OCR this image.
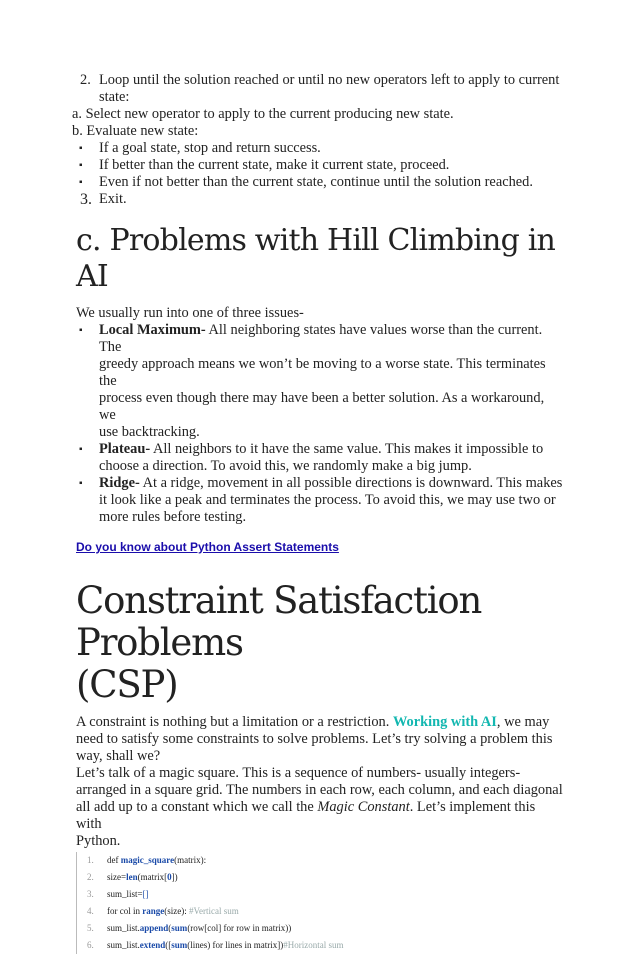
2. Loop until the solution reached or until no new operators left to apply to current
state:
a. Select new operator to apply to the current producing new state.
b. Evaluate new state:
▪ If a goal state, stop and return success.
▪ If better than the current state, make it current state, proceed.
▪ Even if not better than the current state, continue until the solution reached.
3. Exit.
c. Problems with Hill Climbing in AI
We usually run into one of three issues-
▪ Local Maximum- All neighboring states have values worse than the current. The
greedy approach means we won’t be moving to a worse state. This terminates the
process even though there may have been a better solution. As a workaround, we
use backtracking.
▪ Plateau- All neighbors to it have the same value. This makes it impossible to
choose a direction. To avoid this, we randomly make a big jump.
▪ Ridge- At a ridge, movement in all possible directions is downward. This makes
it look like a peak and terminates the process. To avoid this, we may use two or
more rules before testing.
Do you know about Python Assert Statements
Constraint Satisfaction Problems
(CSP)
A constraint is nothing but a limitation or a restriction. Working with AI, we may
need to satisfy some constraints to solve problems. Let’s try solving a problem this
way, shall we?
Let’s talk of a magic square. This is a sequence of numbers- usually integers-
arranged in a square grid. The numbers in each row, each column, and each diagonal
all add up to a constant which we call the Magic Constant. Let’s implement this with
Python.
1. def magic_square(matrix):
2. size=len(matrix[0])
3. sum_list=[]
4. for col in range(size): #Vertical sum
5. sum_list.append(sum(row[col] for row in matrix))
6. sum_list.extend([sum(lines) for lines in matrix])#Horizontal sum
